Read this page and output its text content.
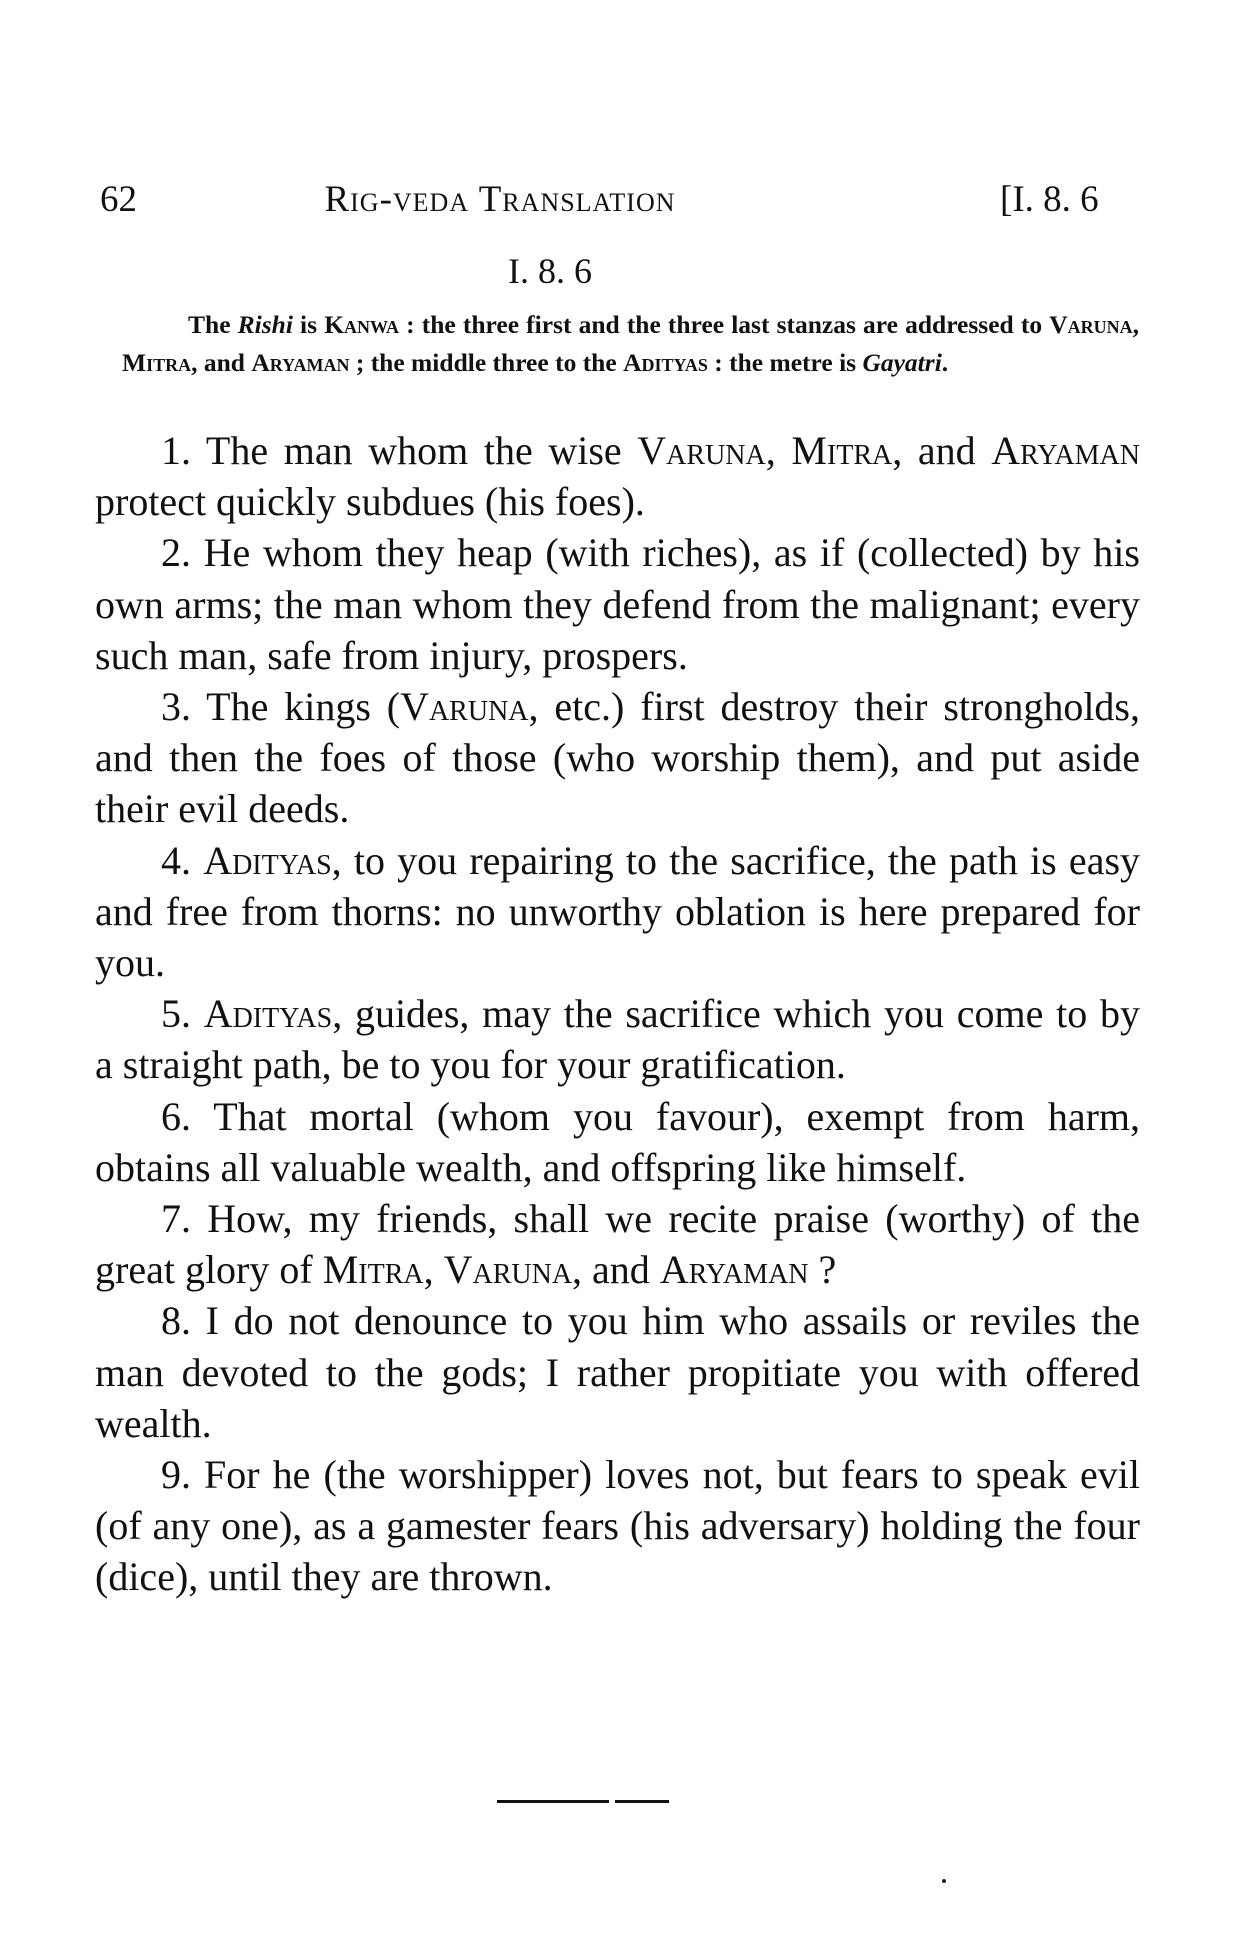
62	Rig-veda Translation	[I. 8. 6
I. 8. 6

The Rishi is Kanwa : the three first and the three last stanzas are addressed to Varuna, Mitra, and Aryaman ; the middle three to the Adityas : the metre is Gayatri.

1. The man whom the wise Varuna, Mitra, and Aryaman protect quickly subdues (his foes).

2. He whom they heap (with riches), as if (collected) by his own arms; the man whom they defend from the malignant; every such man, safe from injury, prospers.

3. The kings (Varuna, etc.) first destroy their strongholds, and then the foes of those (who worship them), and put aside their evil deeds.

4. Adityas, to you repairing to the sacrifice, the path is easy and free from thorns: no unworthy oblation is here prepared for you.

5. Adityas, guides, may the sacrifice which you come to by a straight path, be to you for your gratification.

6. That mortal (whom you favour), exempt from harm, obtains all valuable wealth, and offspring like himself.

7. How, my friends, shall we recite praise (worthy) of the great glory of Mitra, Varuna, and Aryaman ?

8. I do not denounce to you him who assails or reviles the man devoted to the gods; I rather propitiate you with offered wealth.

9. For he (the worshipper) loves not, but fears to speak evil (of any one), as a gamester fears (his adversary) holding the four (dice), until they are thrown.
